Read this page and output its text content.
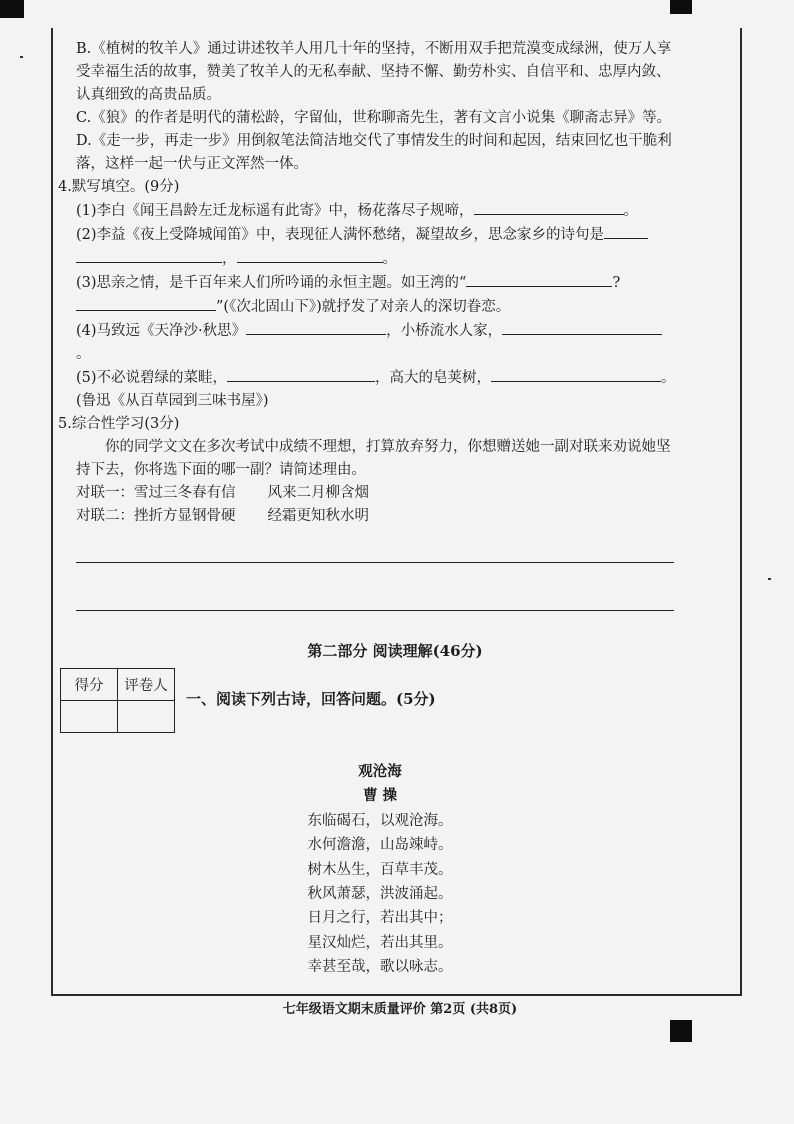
B.《植树的牧羊人》通过讲述牧羊人用几十年的坚持，不断用双手把荒漠变成绿洲，使万人享受幸福生活的故事，赞美了牧羊人的无私奉献、坚持不懈、勤劳朴实、自信平和、忠厚内敛、认真细致的高贵品质。

C.《狼》的作者是明代的蒲松龄，字留仙，世称聊斋先生，著有文言小说集《聊斋志异》等。

D.《走一步，再走一步》用倒叙笔法简洁地交代了事情发生的时间和起因，结束回忆也干脆利落，这样一起一伏与正文浑然一体。

4.默写填空。(9分)

(1)李白《闻王昌龄左迁龙标遥有此寄》中，杨花落尽子规啼，	。

(2)李益《夜上受降城闻笛》中，表现征人满怀愁绪，凝望故乡，思念家乡的诗句是

，	。

(3)思亲之情，是千百年来人们所吟诵的永恒主题。如王湾的“	?

”(《次北固山下》)就抒发了对亲人的深切眷恋。

(4)马致远《天净沙·秋思》	，小桥流水人家，。

(5)不必说碧绿的菜畦，	，高大的皂荚树，	。

(鲁迅《从百草园到三味书屋》)

5.综合性学习(3分)

你的同学文文在多次考试中成绩不理想，打算放弃努力，你想赠送她一副对联来劝说她坚持下去，你将选下面的哪一副？请简述理由。

对联一：雪过三冬春有信 风来二月柳含烟

对联二：挫折方显钢骨硬 经霜更知秋水明

第二部分 阅读理解(46分)
得分	评卷人

一、阅读下列古诗，回答问题。(5分)
观沧海
曹 操
东临碣石，以观沧海。
水何澹澹，山岛竦峙。
树木丛生，百草丰茂。
秋风萧瑟，洪波涌起。
日月之行，若出其中；
星汉灿烂，若出其里。
幸甚至哉，歌以咏志。
七年级语文期末质量评价 第2页 (共8页)
